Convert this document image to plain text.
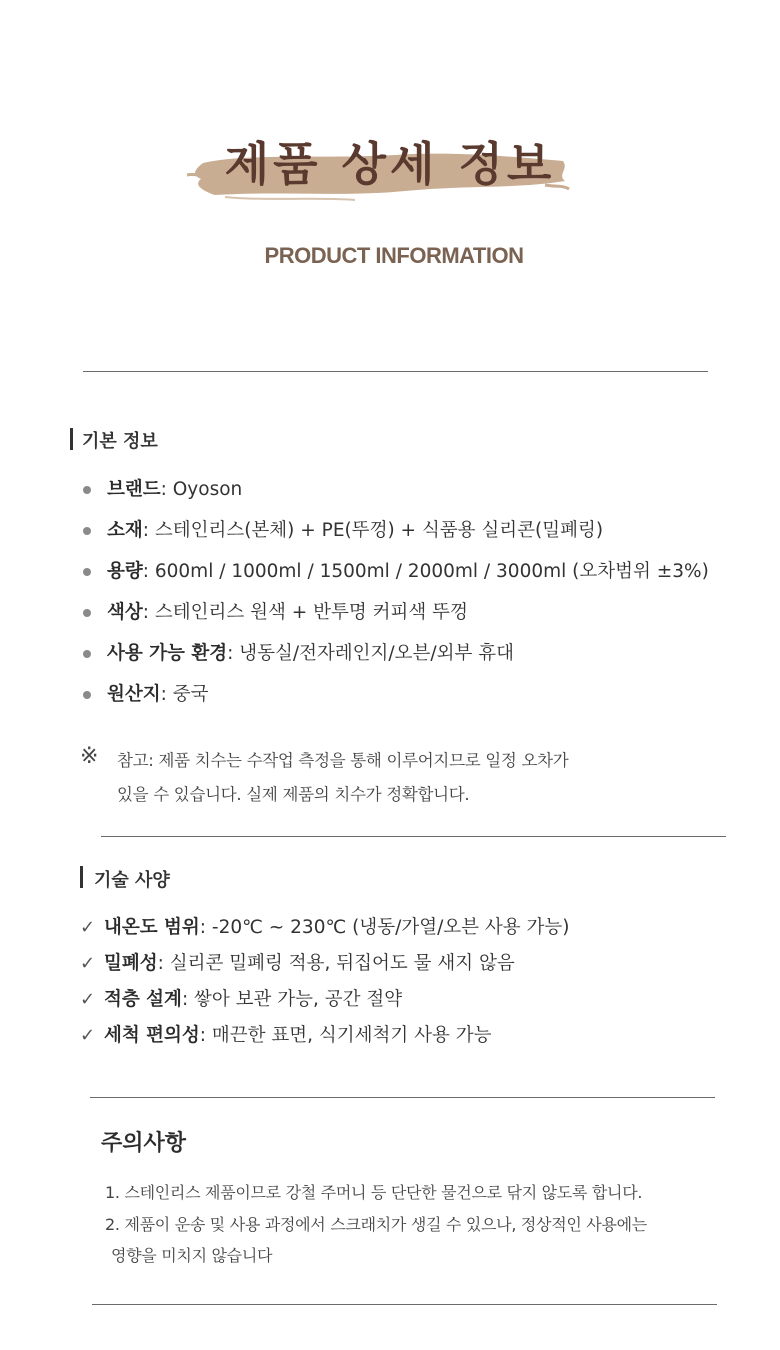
제품 상세 정보
PRODUCT INFORMATION
기본 정보
브랜드: Oyoson
소재: 스테인리스(본체) + PE(뚜껑) + 식품용 실리콘(밀폐링)
용량: 600ml / 1000ml / 1500ml / 2000ml / 3000ml (오차범위 ±3%)
색상: 스테인리스 원색 + 반투명 커피색 뚜껑
사용 가능 환경: 냉동실/전자레인지/오븐/외부 휴대
원산지: 중국
※ 참고: 제품 치수는 수작업 측정을 통해 이루어지므로 일정 오차가
있을 수 있습니다. 실제 제품의 치수가 정확합니다.
기술 사양
✓ 내온도 범위: -20℃ ~ 230℃ (냉동/가열/오븐 사용 가능)
✓ 밀폐성: 실리콘 밀폐링 적용, 뒤집어도 물 새지 않음
✓ 적층 설계: 쌓아 보관 가능, 공간 절약
✓ 세척 편의성: 매끈한 표면, 식기세척기 사용 가능
주의사항
1. 스테인리스 제품이므로 강철 주머니 등 단단한 물건으로 닦지 않도록 합니다.
2. 제품이 운송 및 사용 과정에서 스크래치가 생길 수 있으나, 정상적인 사용에는
영향을 미치지 않습니다
